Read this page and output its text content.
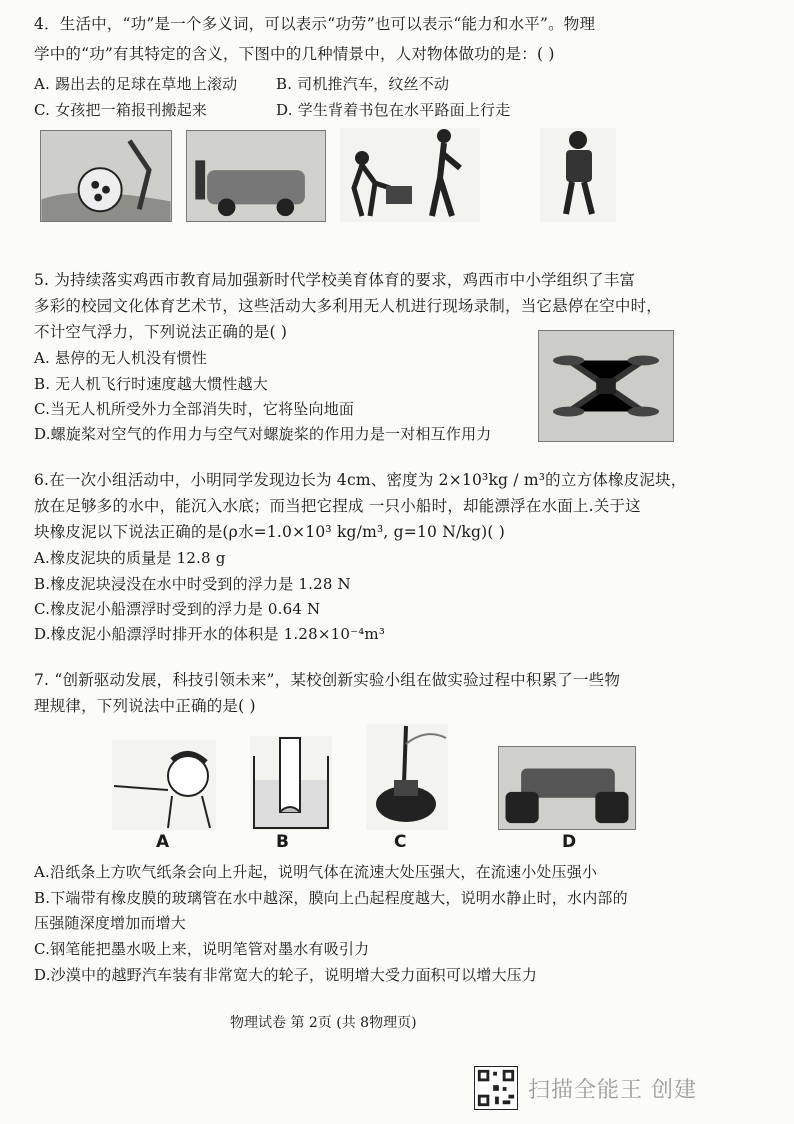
4．生活中，“功”是一个多义词，可以表示“功劳”也可以表示“能力和水平”。物理
学中的“功”有其特定的含义，下图中的几种情景中，人对物体做功的是：( )
A. 踢出去的足球在草地上滚动	B. 司机推汽车，纹丝不动
C. 女孩把一箱报刊搬起来	D. 学生背着书包在水平路面上行走
5. 为持续落实鸡西市教育局加强新时代学校美育体育的要求，鸡西市中小学组织了丰富
多彩的校园文化体育艺术节，这些活动大多利用无人机进行现场录制，当它悬停在空中时，
不计空气浮力，下列说法正确的是( )
A. 悬停的无人机没有惯性
B. 无人机飞行时速度越大惯性越大
C.当无人机所受外力全部消失时，它将坠向地面
D.螺旋桨对空气的作用力与空气对螺旋桨的作用力是一对相互作用力
6.在一次小组活动中，小明同学发现边长为 4cm、密度为 2×10³kg / m³的立方体橡皮泥块，
放在足够多的水中，能沉入水底；而当把它捏成 一只小船时，却能漂浮在水面上.关于这
块橡皮泥以下说法正确的是(ρ水=1.0×10³ kg/m³, g=10 N/kg)( )
A.橡皮泥块的质量是 12.8 g
B.橡皮泥块浸没在水中时受到的浮力是 1.28 N
C.橡皮泥小船漂浮时受到的浮力是 0.64 N
D.橡皮泥小船漂浮时排开水的体积是 1.28×10⁻⁴m³
7. “创新驱动发展，科技引领未来”，某校创新实验小组在做实验过程中积累了一些物
理规律，下列说法中正确的是( )
A	B	C	D
A.沿纸条上方吹气纸条会向上升起，说明气体在流速大处压强大，在流速小处压强小
B.下端带有橡皮膜的玻璃管在水中越深，膜向上凸起程度越大，说明水静止时，水内部的
压强随深度增加而增大
C.钢笔能把墨水吸上来，说明笔管对墨水有吸引力
D.沙漠中的越野汽车装有非常宽大的轮子，说明增大受力面积可以增大压力
物理试卷 第 2页 (共 8物理页)
扫描全能王 创建
